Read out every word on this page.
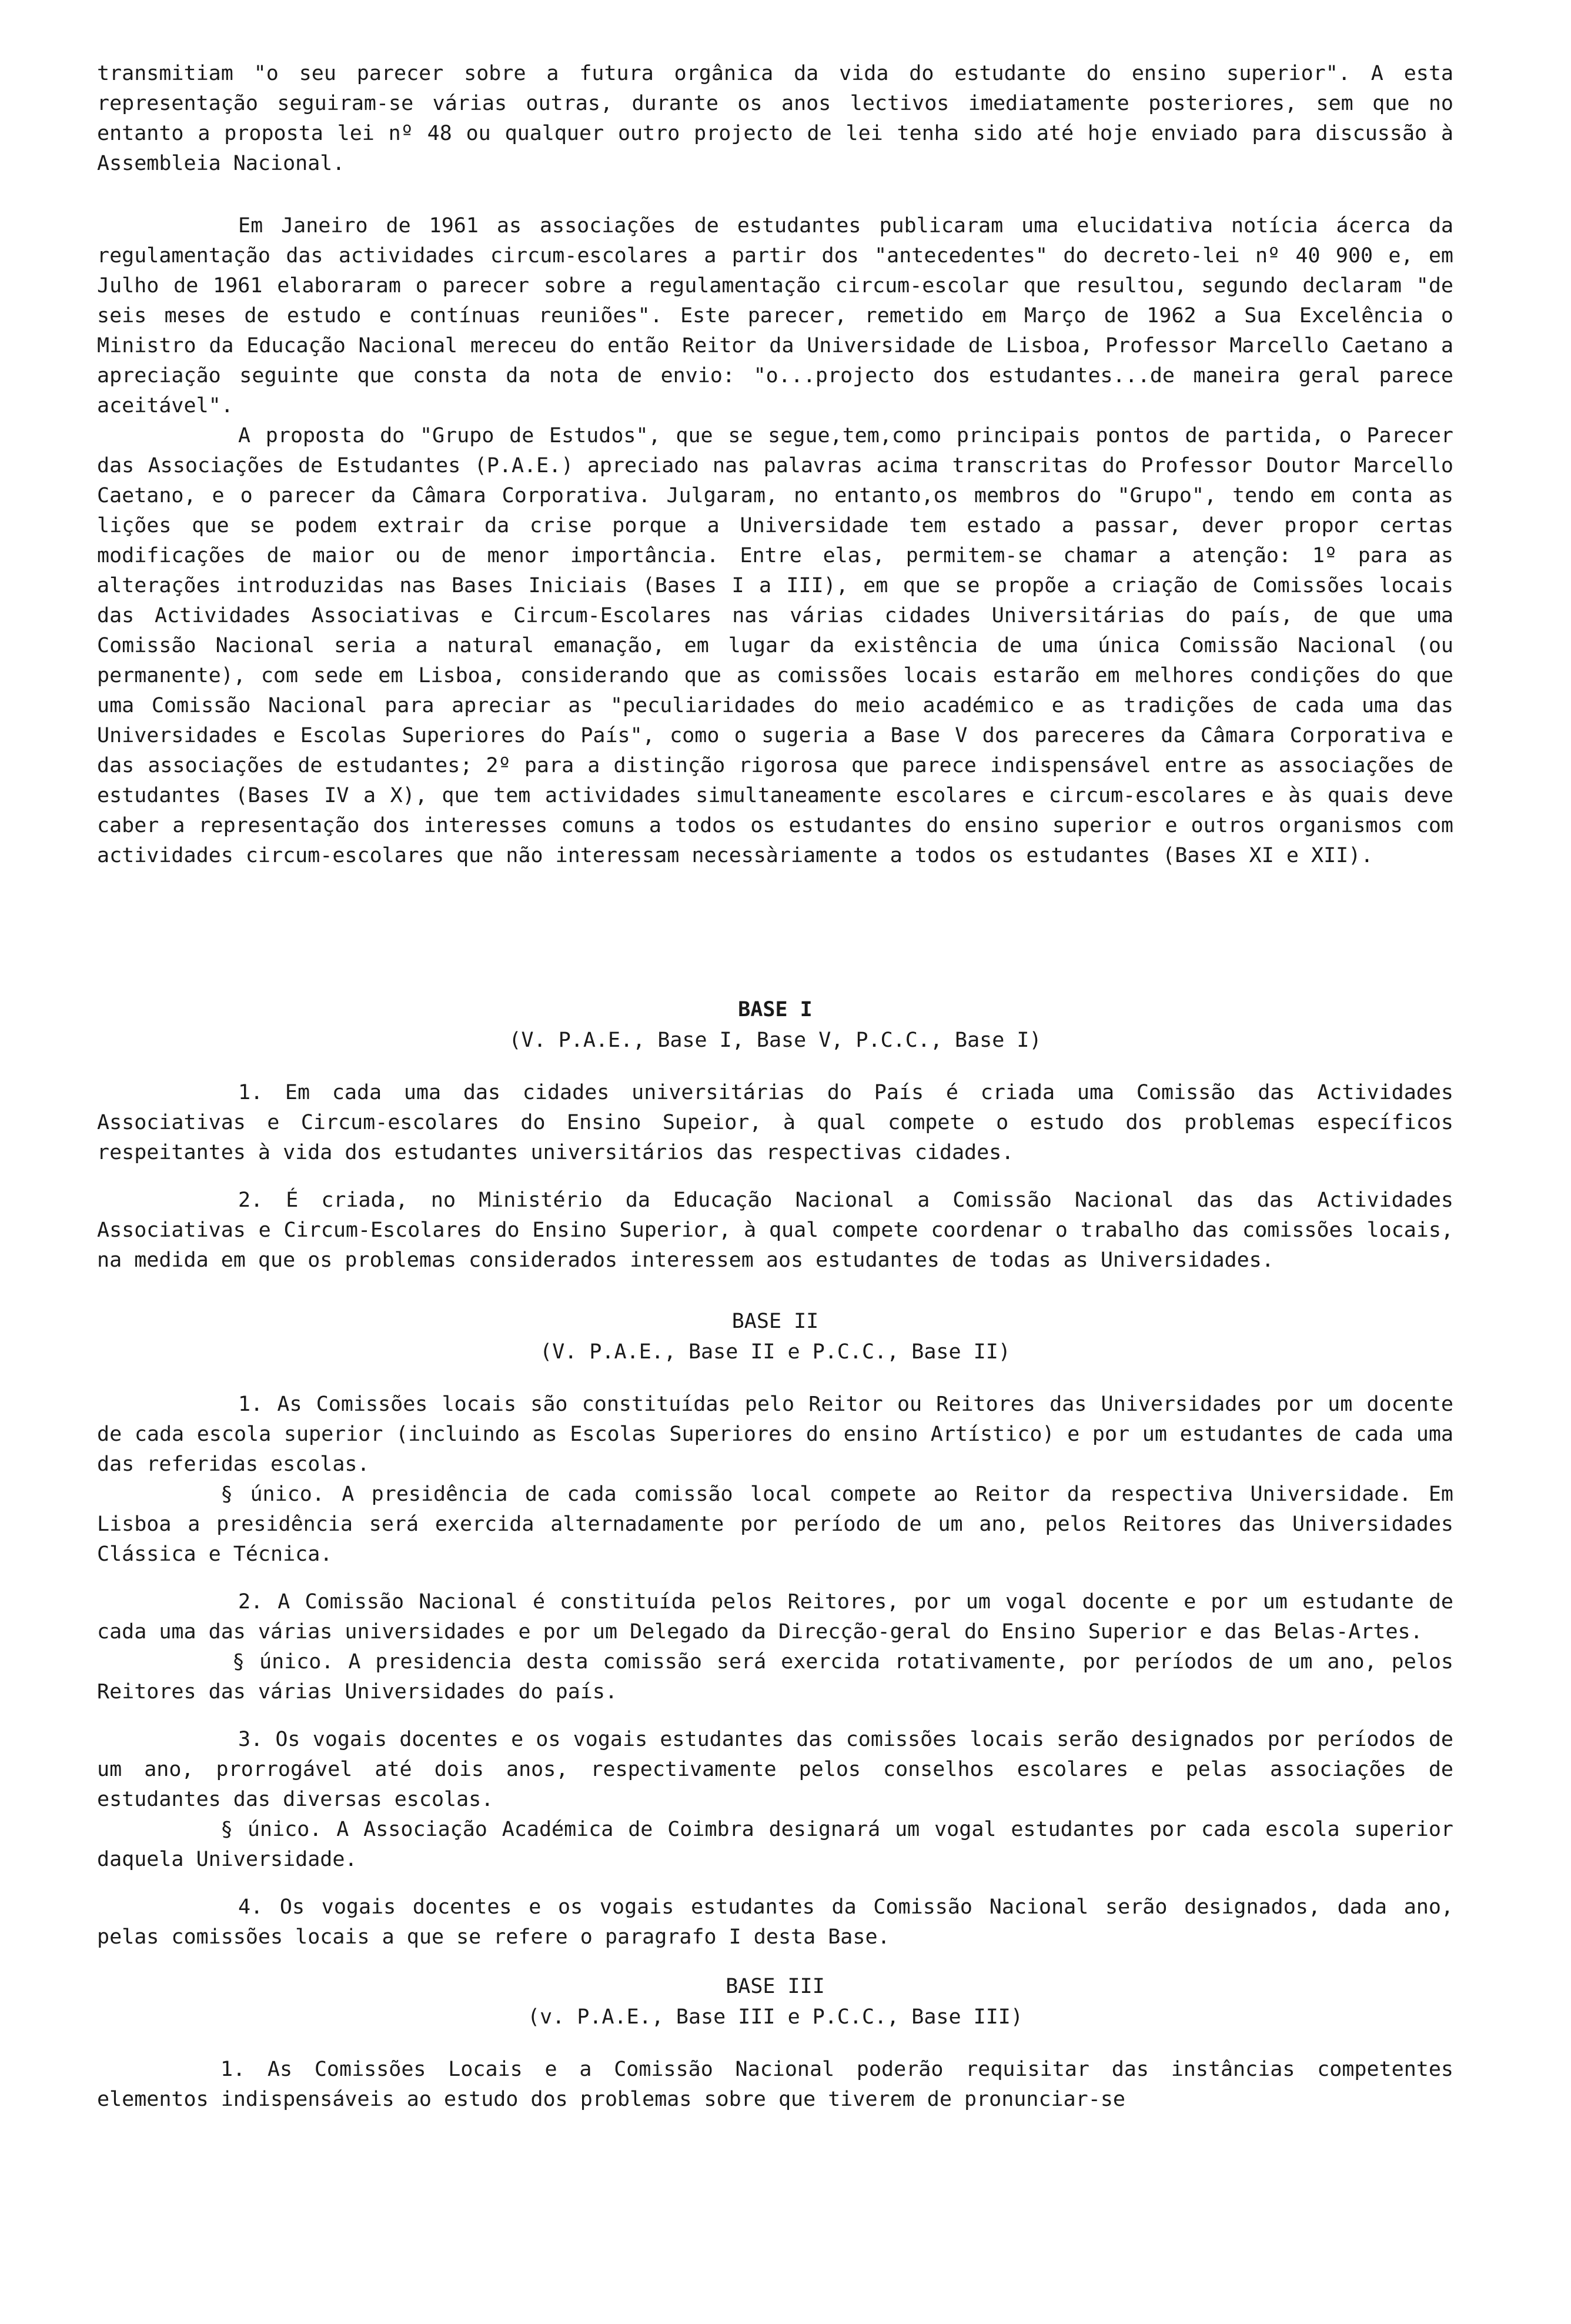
transmitiam "o seu parecer sobre a futura orgânica da vida do estudante do ensino superior". A esta representação seguiram-se várias outras, durante os anos lectivos imediatamente posteriores, sem que no entanto a proposta lei nº 48 ou qualquer outro projecto de lei tenha sido até hoje enviado para discussão à Assembleia Nacional.

Em Janeiro de 1961 as associações de estudantes publicaram uma elucidativa notícia ácerca da regulamentação das actividades circum-escolares a partir dos "antecedentes" do decreto-lei nº 40 900 e, em Julho de 1961 elaboraram o parecer sobre a regulamentação circum-escolar que resultou, segundo declaram "de seis meses de estudo e contínuas reuniões". Este parecer, remetido em Março de 1962 a Sua Excelência o Ministro da Educação Nacional mereceu do então Reitor da Universidade de Lisboa, Professor Marcello Caetano a apreciação seguinte que consta da nota de envio: "o...projecto dos estudantes...de maneira geral parece aceitável".

A proposta do "Grupo de Estudos", que se segue,tem,como principais pontos de partida, o Parecer das Associações de Estudantes (P.A.E.) apreciado nas palavras acima transcritas do Professor Doutor Marcello Caetano, e o parecer da Câmara Corporativa. Julgaram, no entanto,os membros do "Grupo", tendo em conta as lições que se podem extrair da crise porque a Universidade tem estado a passar, dever propor certas modificações de maior ou de menor importância. Entre elas, permitem-se chamar a atenção: 1º para as alterações introduzidas nas Bases Iniciais (Bases I a III), em que se propõe a criação de Comissões locais das Actividades Associativas e Circum-Escolares nas várias cidades Universitárias do país, de que uma Comissão Nacional seria a natural emanação, em lugar da existência de uma única Comissão Nacional (ou permanente), com sede em Lisboa, considerando que as comissões locais estarão em melhores condições do que uma Comissão Nacional para apreciar as "peculiaridades do meio académico e as tradições de cada uma das Universidades e Escolas Superiores do País", como o sugeria a Base V dos pareceres da Câmara Corporativa e das associações de estudantes; 2º para a distinção rigorosa que parece indispensável entre as associações de estudantes (Bases IV a X), que tem actividades simultaneamente escolares e circum-escolares e às quais deve caber a representação dos interesses comuns a todos os estudantes do ensino superior e outros organismos com actividades circum-escolares que não interessam necessàriamente a todos os estudantes (Bases XI e XII).

BASE I
(V. P.A.E., Base I, Base V, P.C.C., Base I)

1. Em cada uma das cidades universitárias do País é criada uma Comissão das Actividades Associativas e Circum-escolares do Ensino Supeior, à qual compete o estudo dos problemas específicos respeitantes à vida dos estudantes universitários das respectivas cidades.

2. É criada, no Ministério da Educação Nacional a Comissão Nacional das das Actividades Associativas e Circum-Escolares do Ensino Superior, à qual compete coordenar o trabalho das comissões locais, na medida em que os problemas considerados interessem aos estudantes de todas as Universidades.

BASE II
(V. P.A.E., Base II e P.C.C., Base II)

1. As Comissões locais são constituídas pelo Reitor ou Reitores das Universidades por um docente de cada escola superior (incluindo as Escolas Superiores do ensino Artístico) e por um estudantes de cada uma das referidas escolas.

§ único. A presidência de cada comissão local compete ao Reitor da respectiva Universidade. Em Lisboa a presidência será exercida alternadamente por período de um ano, pelos Reitores das Universidades Clássica e Técnica.

2. A Comissão Nacional é constituída pelos Reitores, por um vogal docente e por um estudante de cada uma das várias universidades e por um Delegado da Direcção-geral do Ensino Superior e das Belas-Artes.

§ único. A presidencia desta comissão será exercida rotativamente, por períodos de um ano, pelos Reitores das várias Universidades do país.

3. Os vogais docentes e os vogais estudantes das comissões locais serão designados por períodos de um ano, prorrogável até dois anos, respectivamente pelos conselhos escolares e pelas associações de estudantes das diversas escolas.

§ único. A Associação Académica de Coimbra designará um vogal estudantes por cada escola superior daquela Universidade.

4. Os vogais docentes e os vogais estudantes da Comissão Nacional serão designados, dada ano, pelas comissões locais a que se refere o paragrafo I desta Base.

BASE III
(v. P.A.E., Base III e P.C.C., Base III)

1. As Comissões Locais e a Comissão Nacional poderão requisitar das instâncias competentes elementos indispensáveis ao estudo dos problemas sobre que tiverem de pronunciar-se
